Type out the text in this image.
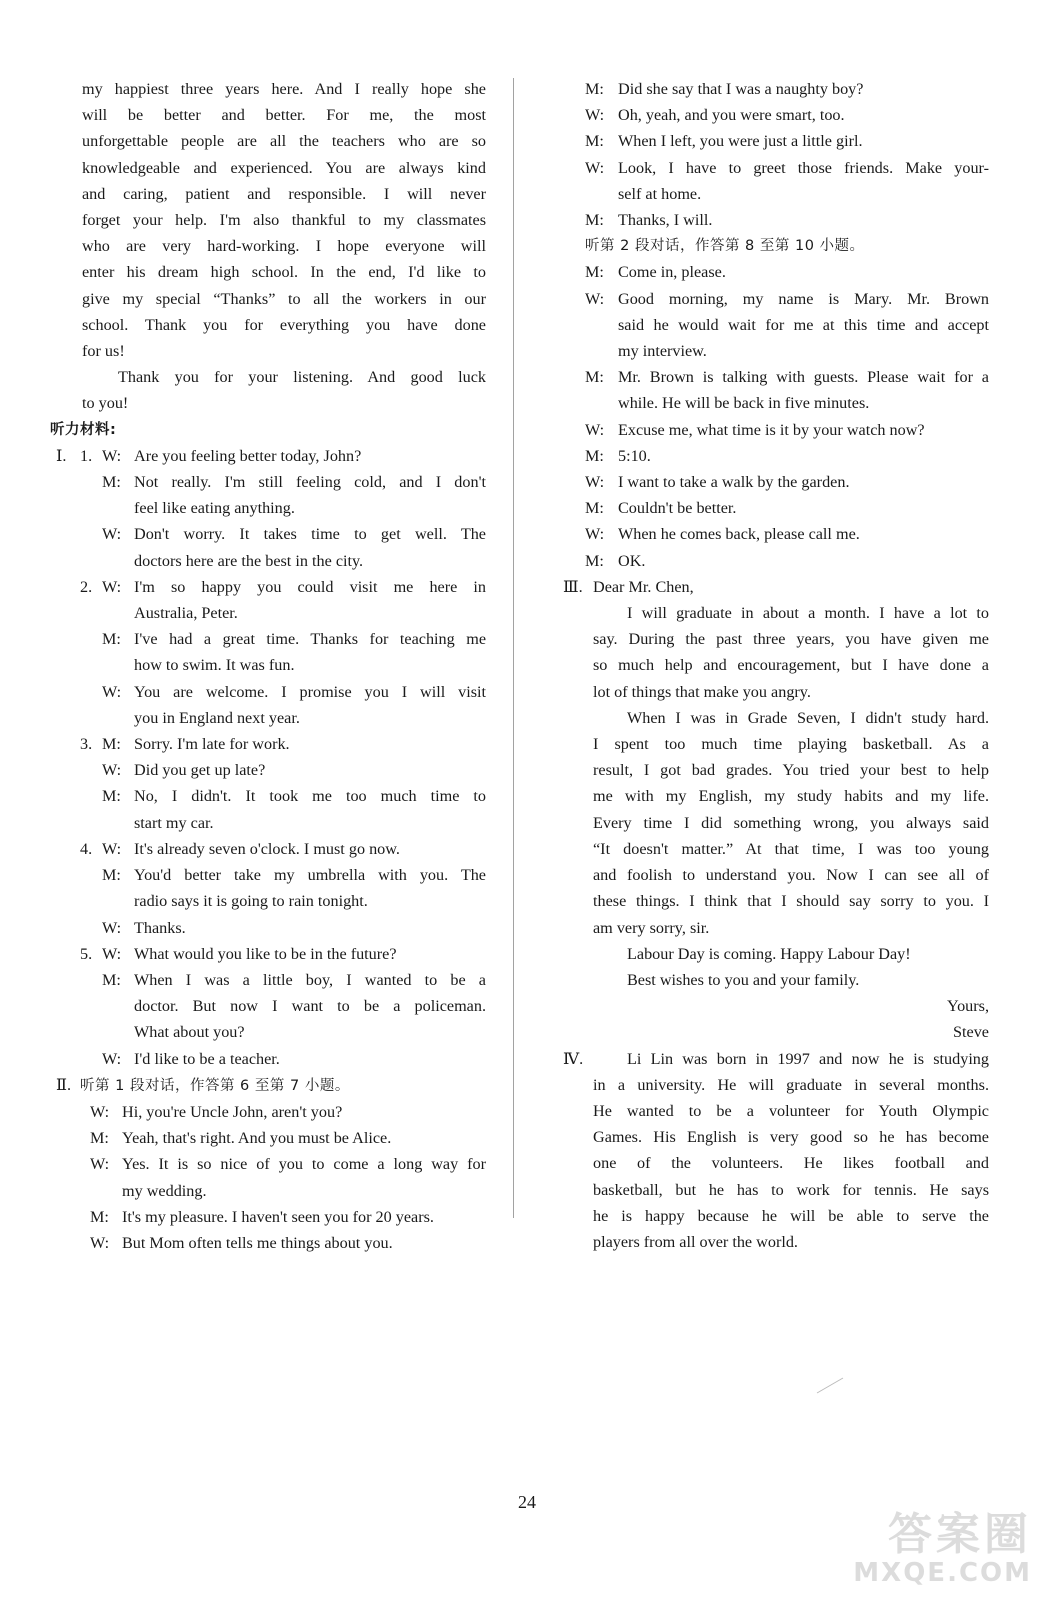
my happiest three years here. And I really hope she
will be better and better. For me, the most
unforgettable people are all the teachers who are so
knowledgeable and experienced. You are always kind
and caring, patient and responsible. I will never
forget your help. I'm also thankful to my classmates
who are very hard-working. I hope everyone will
enter his dream high school. In the end, I'd like to
give my special “Thanks” to all the workers in our
school. Thank you for everything you have done
for us!
Thank you for your listening. And good luck
to you!
听力材料:
Ⅰ. 1. W: Are you feeling better today, John?
M: Not really. I'm still feeling cold, and I don't
feel like eating anything.
W: Don't worry. It takes time to get well. The
doctors here are the best in the city.
2. W: I'm so happy you could visit me here in
Australia, Peter.
M: I've had a great time. Thanks for teaching me
how to swim. It was fun.
W: You are welcome. I promise you I will visit
you in England next year.
3. M: Sorry. I'm late for work.
W: Did you get up late?
M: No, I didn't. It took me too much time to
start my car.
4. W: It's already seven o'clock. I must go now.
M: You'd better take my umbrella with you. The
radio says it is going to rain tonight.
W: Thanks.
5. W: What would you like to be in the future?
M: When I was a little boy, I wanted to be a
doctor. But now I want to be a policeman.
What about you?
W: I'd like to be a teacher.
Ⅱ. 听第 1 段对话，作答第 6 至第 7 小题。
W: Hi, you're Uncle John, aren't you?
M: Yeah, that's right. And you must be Alice.
W: Yes. It is so nice of you to come a long way for
my wedding.
M: It's my pleasure. I haven't seen you for 20 years.
W: But Mom often tells me things about you.
M: Did she say that I was a naughty boy?
W: Oh, yeah, and you were smart, too.
M: When I left, you were just a little girl.
W: Look, I have to greet those friends. Make your-
self at home.
M: Thanks, I will.
听第 2 段对话，作答第 8 至第 10 小题。
M: Come in, please.
W: Good morning, my name is Mary. Mr. Brown
said he would wait for me at this time and accept
my interview.
M: Mr. Brown is talking with guests. Please wait for a
while. He will be back in five minutes.
W: Excuse me, what time is it by your watch now?
M: 5:10.
W: I want to take a walk by the garden.
M: Couldn't be better.
W: When he comes back, please call me.
M: OK.
Ⅲ. Dear Mr. Chen,
I will graduate in about a month. I have a lot to
say. During the past three years, you have given me
so much help and encouragement, but I have done a
lot of things that make you angry.
When I was in Grade Seven, I didn't study hard.
I spent too much time playing basketball. As a
result, I got bad grades. You tried your best to help
me with my English, my study habits and my life.
Every time I did something wrong, you always said
“It doesn't matter.” At that time, I was too young
and foolish to understand you. Now I can see all of
these things. I think that I should say sorry to you. I
am very sorry, sir.
Labour Day is coming. Happy Labour Day!
Best wishes to you and your family.
Yours,
Steve
Ⅳ.	Li Lin was born in 1997 and now he is studying
in a university. He will graduate in several months.
He wanted to be a volunteer for Youth Olympic
Games. His English is very good so he has become
one of the volunteers. He likes football and
basketball, but he has to work for tennis. He says
he is happy because he will be able to serve the
players from all over the world.
24
答案圈
MXQE.COM
